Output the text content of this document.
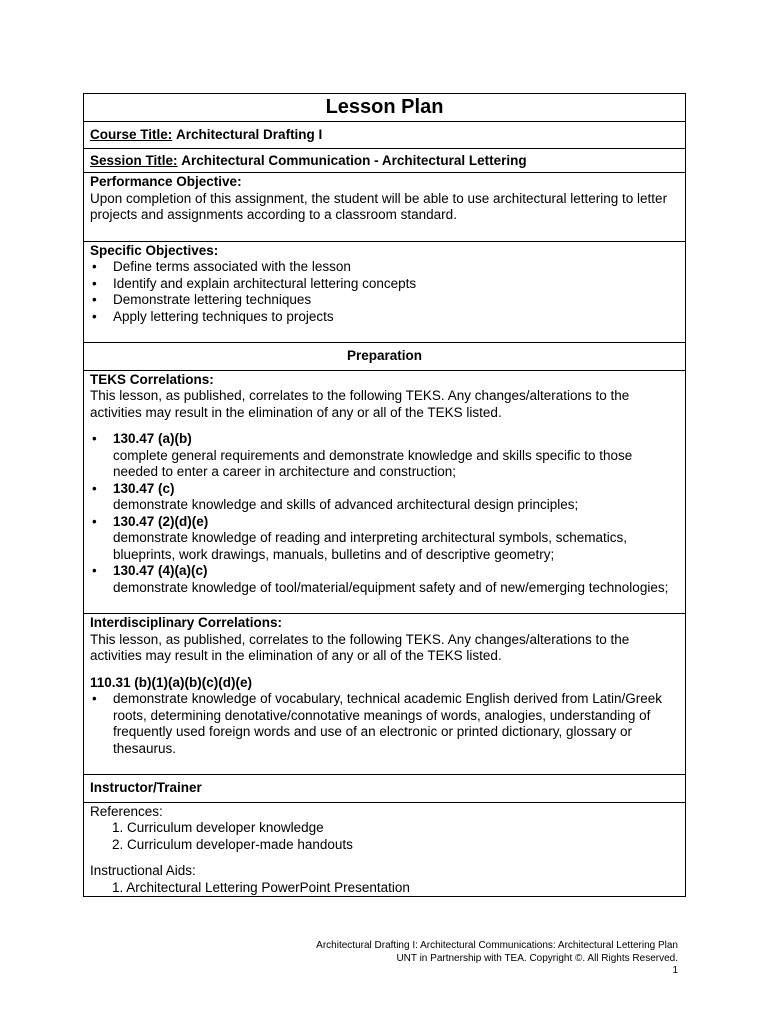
Lesson Plan

Course Title: Architectural Drafting I

Session Title: Architectural Communication - Architectural Lettering

Performance Objective:
Upon completion of this assignment, the student will be able to use architectural lettering to letter projects and assignments according to a classroom standard.

Specific Objectives:
• Define terms associated with the lesson
• Identify and explain architectural lettering concepts
• Demonstrate lettering techniques
• Apply lettering techniques to projects

Preparation

TEKS Correlations:
This lesson, as published, correlates to the following TEKS. Any changes/alterations to the activities may result in the elimination of any or all of the TEKS listed.
• 130.47 (a)(b)
complete general requirements and demonstrate knowledge and skills specific to those needed to enter a career in architecture and construction;
• 130.47 (c)
demonstrate knowledge and skills of advanced architectural design principles;
• 130.47 (2)(d)(e)
demonstrate knowledge of reading and interpreting architectural symbols, schematics, blueprints, work drawings, manuals, bulletins and of descriptive geometry;
• 130.47 (4)(a)(c)
demonstrate knowledge of tool/material/equipment safety and of new/emerging technologies;

Interdisciplinary Correlations:
This lesson, as published, correlates to the following TEKS. Any changes/alterations to the activities may result in the elimination of any or all of the TEKS listed.
110.31 (b)(1)(a)(b)(c)(d)(e)
• demonstrate knowledge of vocabulary, technical academic English derived from Latin/Greek roots, determining denotative/connotative meanings of words, analogies, understanding of frequently used foreign words and use of an electronic or printed dictionary, glossary or thesaurus.

Instructor/Trainer

References:
1. Curriculum developer knowledge
2. Curriculum developer-made handouts
Instructional Aids:
1. Architectural Lettering PowerPoint Presentation
Architectural Drafting I: Architectural Communications: Architectural Lettering Plan
UNT in Partnership with TEA. Copyright ©. All Rights Reserved.
1
